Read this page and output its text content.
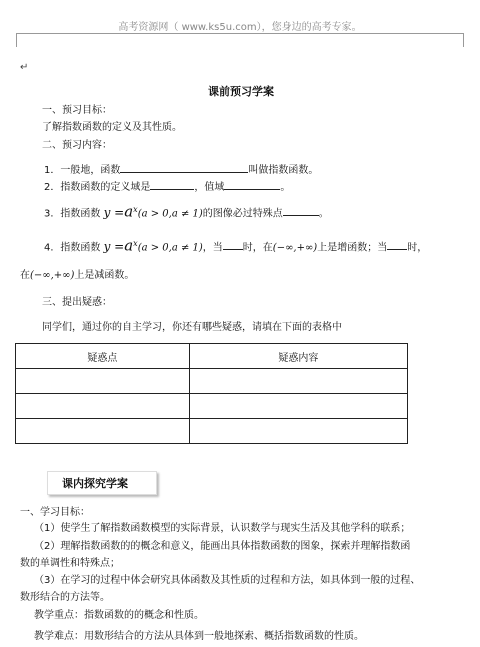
高考资源网（ www.ks5u.com），您身边的高考专家。
↵
课前预习学案
一、预习目标：
了解指数函数的定义及其性质。
二、预习内容：
1．一般地，函数	叫做指数函数。
2．指数函数的定义域是	，值域	。
3．指数函数 $y =a^x(a > 0,a \ne 1)$的图像必过特殊点	。
4．指数函数 $y =a^x(a > 0,a \ne 1)$，当 时，在(−∞,+∞)上是增函数；当 时，
在(−∞,+∞)上是减函数。
三、提出疑惑：
同学们，通过你的自主学习，你还有哪些疑惑，请填在下面的表格中
疑惑点	疑惑内容

课内探究学案
一、学习目标：
（1）使学生了解指数函数模型的实际背景，认识数学与现实生活及其他学科的联系；
（2）理解指数函数的的概念和意义，能画出具体指数函数的图象，探索并理解指数函
数的单调性和特殊点；
（3）在学习的过程中体会研究具体函数及其性质的过程和方法，如具体到一般的过程、
数形结合的方法等。
教学重点：指数函数的的概念和性质。
教学难点：用数形结合的方法从具体到一般地探索、概括指数函数的性质。
